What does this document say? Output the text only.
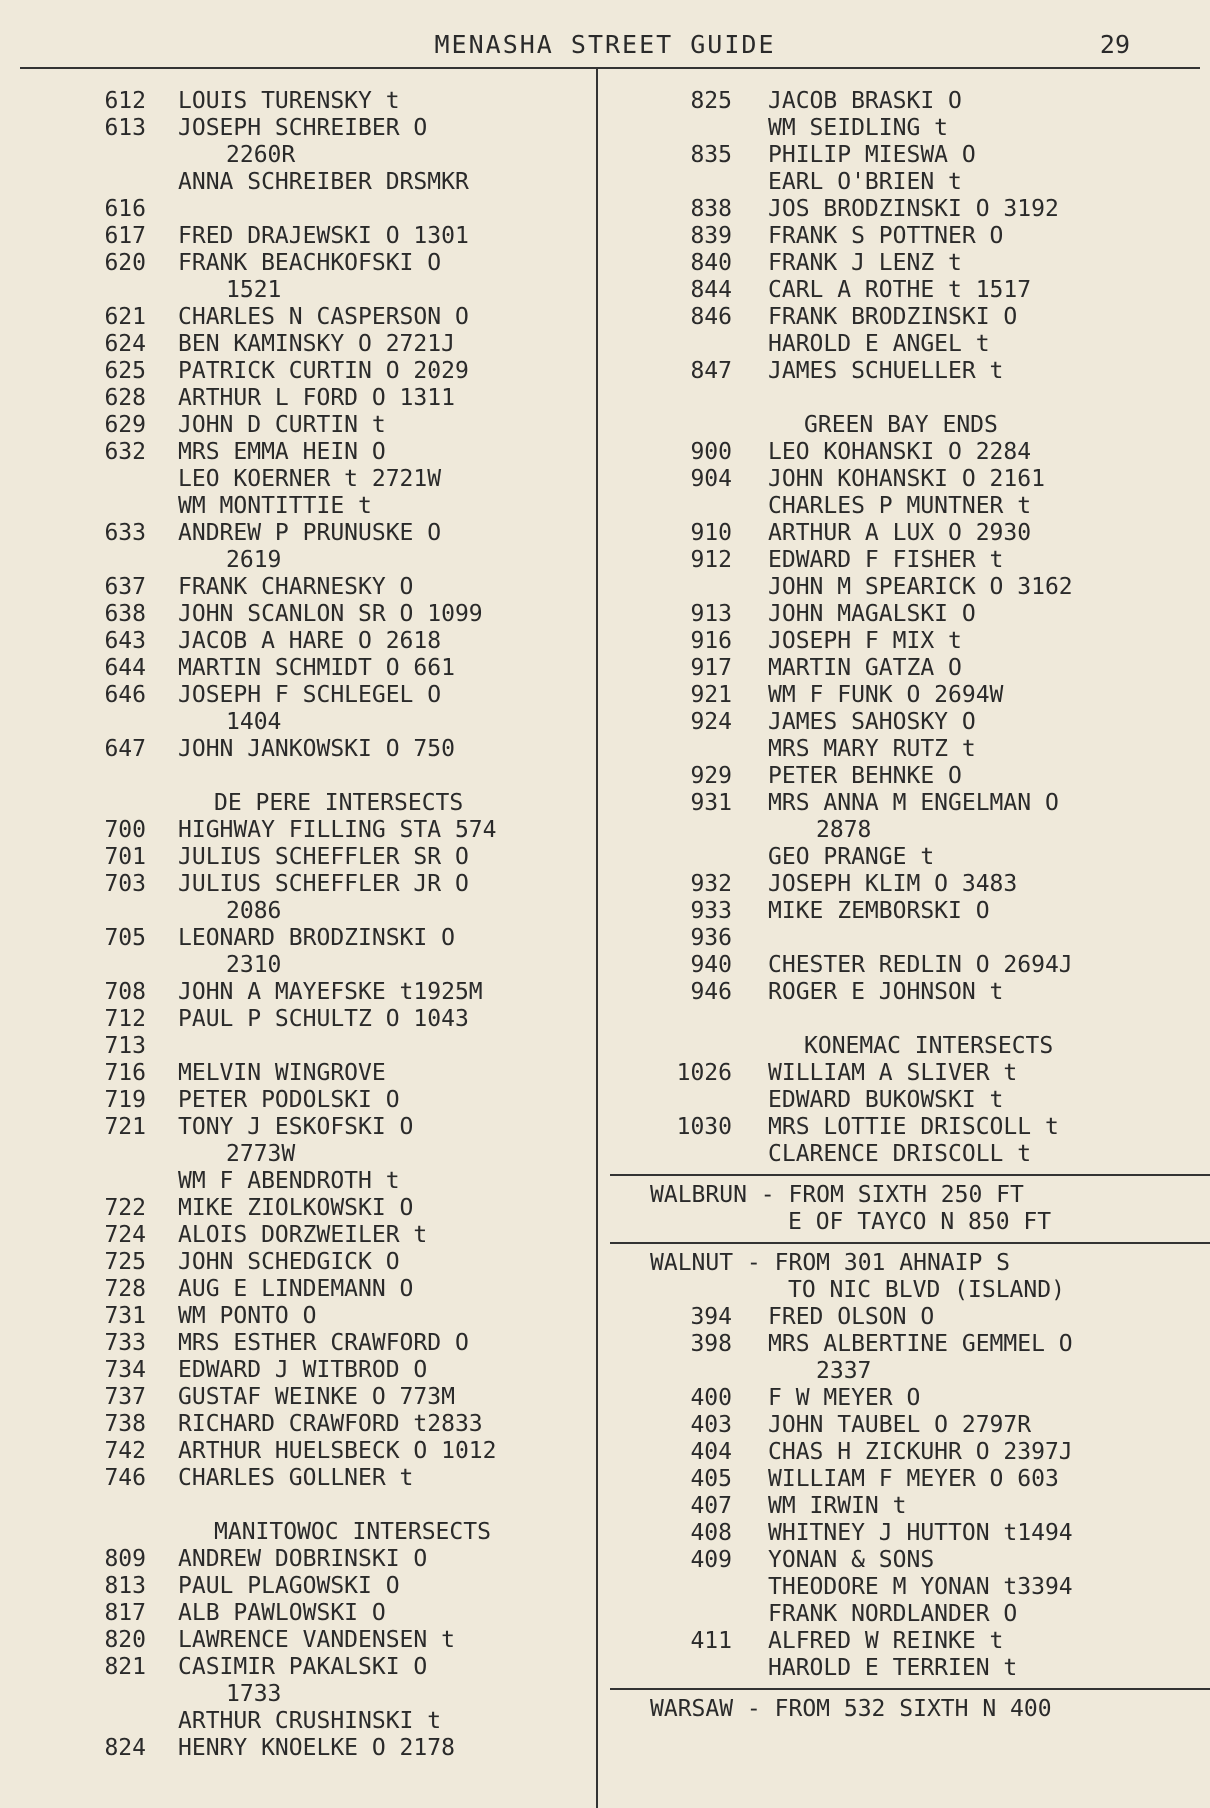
MENASHA STREET GUIDE	29
612 LOUIS TURENSKY t
613 JOSEPH SCHREIBER O
2260R
ANNA SCHREIBER DRSMKR
616
617 FRED DRAJEWSKI O 1301
620 FRANK BEACHKOFSKI O
1521
621 CHARLES N CASPERSON O
624 BEN KAMINSKY O 2721J
625 PATRICK CURTIN O 2029
628 ARTHUR L FORD O 1311
629 JOHN D CURTIN t
632 MRS EMMA HEIN O
LEO KOERNER t 2721W
WM MONTITTIE t
633 ANDREW P PRUNUSKE O
2619
637 FRANK CHARNESKY O
638 JOHN SCANLON SR O 1099
643 JACOB A HARE O 2618
644 MARTIN SCHMIDT O 661
646 JOSEPH F SCHLEGEL O
1404
647 JOHN JANKOWSKI O 750
DE PERE INTERSECTS
700 HIGHWAY FILLING STA 574
701 JULIUS SCHEFFLER SR O
703 JULIUS SCHEFFLER JR O
2086
705 LEONARD BRODZINSKI O
2310
708 JOHN A MAYEFSKE t1925M
712 PAUL P SCHULTZ O 1043
713
716 MELVIN WINGROVE
719 PETER PODOLSKI O
721 TONY J ESKOFSKI O
2773W
WM F ABENDROTH t
722 MIKE ZIOLKOWSKI O
724 ALOIS DORZWEILER t
725 JOHN SCHEDGICK O
728 AUG E LINDEMANN O
731 WM PONTO O
733 MRS ESTHER CRAWFORD O
734 EDWARD J WITBROD O
737 GUSTAF WEINKE O 773M
738 RICHARD CRAWFORD t2833
742 ARTHUR HUELSBECK O 1012
746 CHARLES GOLLNER t
MANITOWOC INTERSECTS
809 ANDREW DOBRINSKI O
813 PAUL PLAGOWSKI O
817 ALB PAWLOWSKI O
820 LAWRENCE VANDENSEN t
821 CASIMIR PAKALSKI O
1733
ARTHUR CRUSHINSKI t
824 HENRY KNOELKE O 2178
825 JACOB BRASKI O
WM SEIDLING t
835 PHILIP MIESWA O
EARL O'BRIEN t
838 JOS BRODZINSKI O 3192
839 FRANK S POTTNER O
840 FRANK J LENZ t
844 CARL A ROTHE t 1517
846 FRANK BRODZINSKI O
HAROLD E ANGEL t
847 JAMES SCHUELLER t
GREEN BAY ENDS
900 LEO KOHANSKI O 2284
904 JOHN KOHANSKI O 2161
CHARLES P MUNTNER t
910 ARTHUR A LUX O 2930
912 EDWARD F FISHER t
JOHN M SPEARICK O 3162
913 JOHN MAGALSKI O
916 JOSEPH F MIX t
917 MARTIN GATZA O
921 WM F FUNK O 2694W
924 JAMES SAHOSKY O
MRS MARY RUTZ t
929 PETER BEHNKE O
931 MRS ANNA M ENGELMAN O
2878
GEO PRANGE t
932 JOSEPH KLIM O 3483
933 MIKE ZEMBORSKI O
936
940 CHESTER REDLIN O 2694J
946 ROGER E JOHNSON t
KONEMAC INTERSECTS
1026 WILLIAM A SLIVER t
EDWARD BUKOWSKI t
1030 MRS LOTTIE DRISCOLL t
CLARENCE DRISCOLL t
WALBRUN - FROM SIXTH 250 FT
E OF TAYCO N 850 FT
WALNUT - FROM 301 AHNAIP S
TO NIC BLVD (ISLAND)
394 FRED OLSON O
398 MRS ALBERTINE GEMMEL O
2337
400 F W MEYER O
403 JOHN TAUBEL O 2797R
404 CHAS H ZICKUHR O 2397J
405 WILLIAM F MEYER O 603
407 WM IRWIN t
408 WHITNEY J HUTTON t1494
409 YONAN & SONS
THEODORE M YONAN t3394
FRANK NORDLANDER O
411 ALFRED W REINKE t
HAROLD E TERRIEN t
WARSAW - FROM 532 SIXTH N 400
